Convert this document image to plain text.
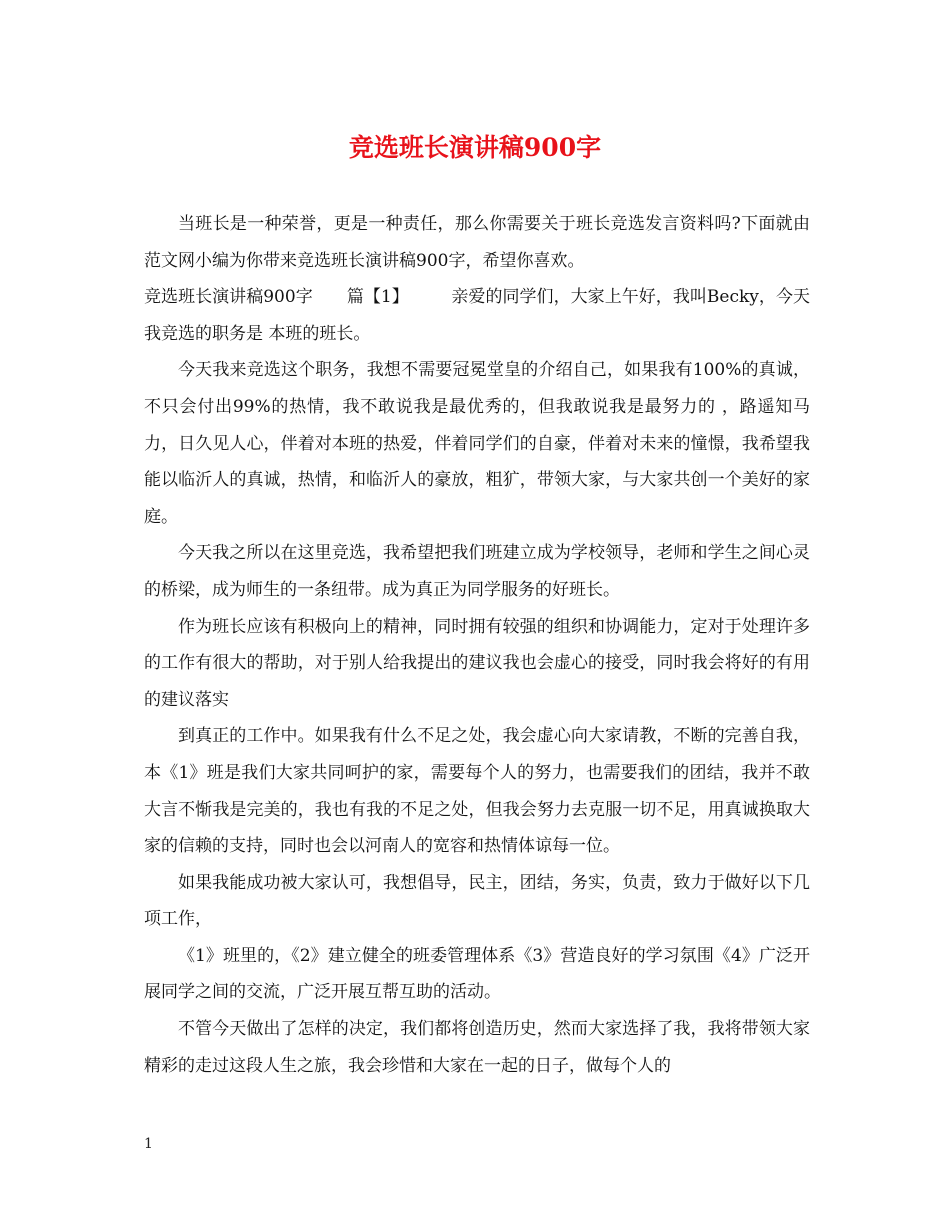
竞选班长演讲稿900字

当班长是一种荣誉，更是一种责任，那么你需要关于班长竞选发言资料吗?下面就由范文网小编为你带来竞选班长演讲稿900字，希望你喜欢。

竞选班长演讲稿900字　　篇【1】　　　亲爱的同学们，大家上午好，我叫Becky，今天我竞选的职务是 本班的班长。

今天我来竞选这个职务，我想不需要冠冕堂皇的介绍自己，如果我有100%的真诚，不只会付出99%的热情，我不敢说我是最优秀的，但我敢说我是最努力的 ，路遥知马力，日久见人心，伴着对本班的热爱，伴着同学们的自豪，伴着对未来的憧憬，我希望我能以临沂人的真诚，热情，和临沂人的豪放，粗犷，带领大家，与大家共创一个美好的家庭。

今天我之所以在这里竞选，我希望把我们班建立成为学校领导，老师和学生之间心灵的桥梁，成为师生的一条纽带。成为真正为同学服务的好班长。

作为班长应该有积极向上的精神，同时拥有较强的组织和协调能力，定对于处理许多的工作有很大的帮助，对于别人给我提出的建议我也会虚心的接受，同时我会将好的有用的建议落实

到真正的工作中。如果我有什么不足之处，我会虚心向大家请教，不断的完善自我，本《1》班是我们大家共同呵护的家，需要每个人的努力，也需要我们的团结，我并不敢大言不惭我是完美的，我也有我的不足之处，但我会努力去克服一切不足，用真诚换取大家的信赖的支持，同时也会以河南人的宽容和热情体谅每一位。

如果我能成功被大家认可，我想倡导，民主，团结，务实，负责，致力于做好以下几项工作，

《1》班里的，《2》建立健全的班委管理体系《3》营造良好的学习氛围《4》广泛开展同学之间的交流，广泛开展互帮互助的活动。

不管今天做出了怎样的决定，我们都将创造历史，然而大家选择了我，我将带领大家精彩的走过这段人生之旅，我会珍惜和大家在一起的日子，做每个人的

1
